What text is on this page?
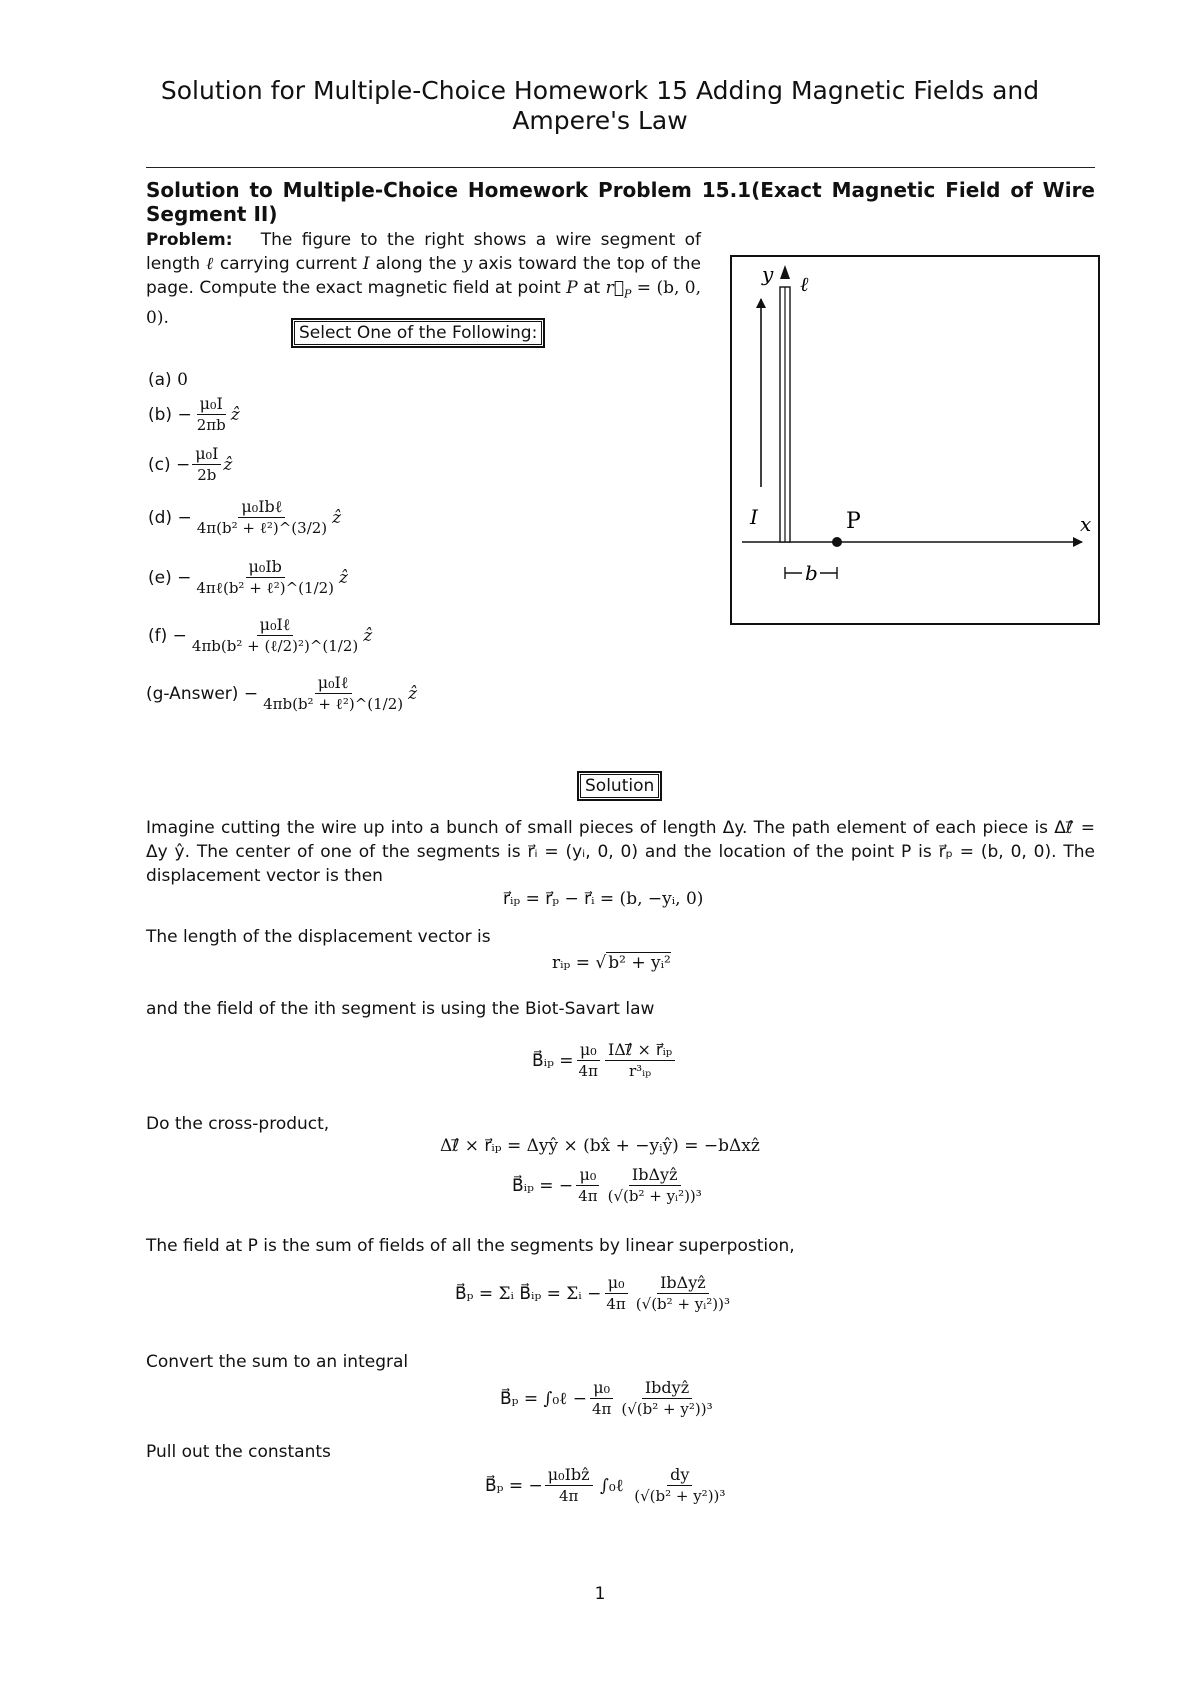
Solution for Multiple-Choice Homework 15 Adding Magnetic Fields and Ampere's Law
Solution to Multiple-Choice Homework Problem 15.1(Exact Magnetic Field of Wire Segment II)
Problem: The figure to the right shows a wire segment of length ℓ carrying current I along the y axis toward the top of the page. Compute the exact magnetic field at point P at $r⃗_P = (b$, 0, 0).
Select One of the Following:
(a)
0
(b)
− $\frac{\text{μ₀I}}{2\pi b}$ ẑ
(c)
− $\frac{\text{μ₀I}}{2b}$ ẑ
(d)
− $\frac{\text{μ₀Ibℓ}}{\text{4π(b² + ℓ²)\textasciicircum{}(3/2)}}$ ẑ
(e)
− $\frac{\text{μ₀Ib}}{\text{4πℓ(b² + ℓ²)\textasciicircum{}(1/2)}}$ ẑ
(f)
− $\frac{\text{μ₀Iℓ}}{\text{4πb(b² + (ℓ/2)²)\textasciicircum{}(1/2)}}$ ẑ
(g-Answer)
− $\frac{\text{μ₀Iℓ}}{\text{4πb(b² + ℓ²)\textasciicircum{}(1/2)}}$ ẑ
y ℓ
I	P	x
b
Solution
Imagine cutting the wire up into a bunch of small pieces of length Δy. The path element of each piece is Δℓ⃗ = Δy ŷ. The center of one of the segments is r⃗ᵢ = (yᵢ, 0, 0) and the location of the point P is r⃗ₚ = (b, 0, 0). The displacement vector is then
r⃗ᵢₚ = r⃗ₚ − r⃗ᵢ = (b, −yᵢ, 0)
The length of the displacement vector is
rᵢₚ = √ b² + yᵢ²
and the field of the ith segment is using the Biot-Savart law
B⃗ᵢₚ = $\frac{\text{μ₀}}{4\pi} \frac{\text{IΔℓ⃗ × r⃗ᵢₚ}}{\text{r³ᵢₚ}}$
Do the cross-product,
Δℓ⃗ × r⃗ᵢₚ = Δyŷ × (bx̂ + −yᵢŷ) = −bΔxẑ
B⃗ᵢₚ = − $\frac{\text{μ₀}}{4\pi} \frac{\text{IbΔyẑ}}{\text{(√(b² + yᵢ²))³}}$
The field at P is the sum of fields of all the segments by linear superpostion,
B⃗ₚ = Σᵢ B⃗ᵢₚ = Σᵢ − $\frac{\text{μ₀}}{4\pi} \frac{\text{IbΔyẑ}}{\text{(√(b² + yᵢ²))³}}$
Convert the sum to an integral
B⃗ₚ = ∫₀ℓ − $\frac{\text{μ₀}}{4\pi} \frac{\text{Ibdyẑ}}{\text{(√(b² + y²))³}}$
Pull out the constants
B⃗ₚ = − $\frac{\text{μ₀Ibẑ}}{4\pi}$
∫₀ℓ
$\frac{dy}{\text{(√(b² + y²))³}}$
1
